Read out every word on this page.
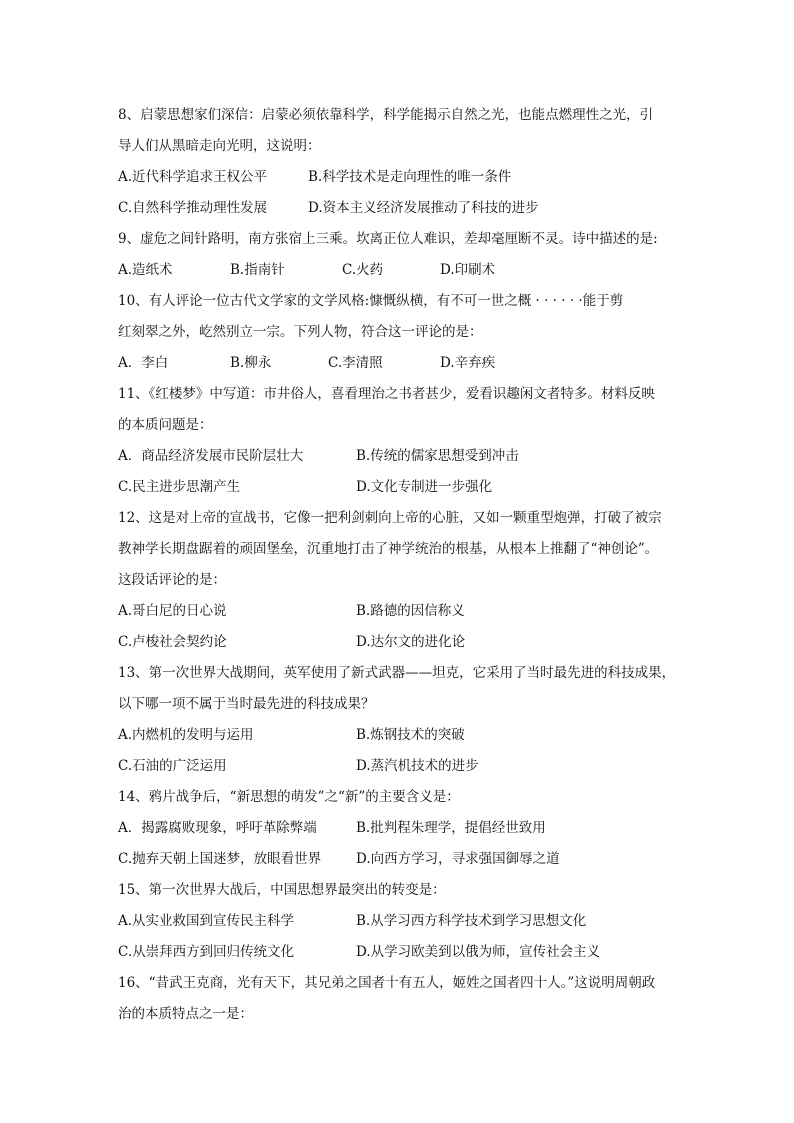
8、启蒙思想家们深信：启蒙必须依靠科学，科学能揭示自然之光，也能点燃理性之光，引
导人们从黑暗走向光明，这说明：
A.近代科学追求王权公平	B.科学技术是走向理性的唯一条件
C.自然科学推动理性发展	D.资本主义经济发展推动了科技的进步
9、虚危之间针路明，南方张宿上三乘。坎离正位人难识，差却毫厘断不灵。诗中描述的是:
A.造纸术	B.指南针	C.火药	D.印刷术
10、有人评论一位古代文学家的文学风格:慷慨纵横，有不可一世之概 · · · · · ·能于剪
红刻翠之外，屹然别立一宗。下列人物，符合这一评论的是：
A．李白	B.柳永	C.李清照	D.辛弃疾
11、《红楼梦》中写道：市井俗人，喜看理治之书者甚少，爱看识趣闲文者特多。材料反映
的本质问题是：
A．商品经济发展市民阶层壮大	B.传统的儒家思想受到冲击
C.民主进步思潮产生	D.文化专制进一步强化
12、这是对上帝的宣战书，它像一把利剑刺向上帝的心脏，又如一颗重型炮弹，打破了被宗
教神学长期盘踞着的顽固堡垒，沉重地打击了神学统治的根基，从根本上推翻了“神创论”。
这段话评论的是：
A.哥白尼的日心说	B.路德的因信称义
C.卢梭社会契约论	D.达尔文的进化论
13、第一次世界大战期间，英军使用了新式武器——坦克，它采用了当时最先进的科技成果，
以下哪一项不属于当时最先进的科技成果？
A.内燃机的发明与运用	B.炼钢技术的突破
C.石油的广泛运用	D.蒸汽机技术的进步
14、鸦片战争后，“新思想的萌发”之“新”的主要含义是：
A．揭露腐败现象，呼吁革除弊端	B.批判程朱理学，提倡经世致用
C.抛弃天朝上国迷梦，放眼看世界	D.向西方学习，寻求强国御辱之道
15、第一次世界大战后，中国思想界最突出的转变是：
A.从实业救国到宣传民主科学	B.从学习西方科学技术到学习思想文化
C.从崇拜西方到回归传统文化	D.从学习欧美到以俄为师，宣传社会主义
16、“昔武王克商，光有天下，其兄弟之国者十有五人，姬姓之国者四十人。”这说明周朝政
治的本质特点之一是：
